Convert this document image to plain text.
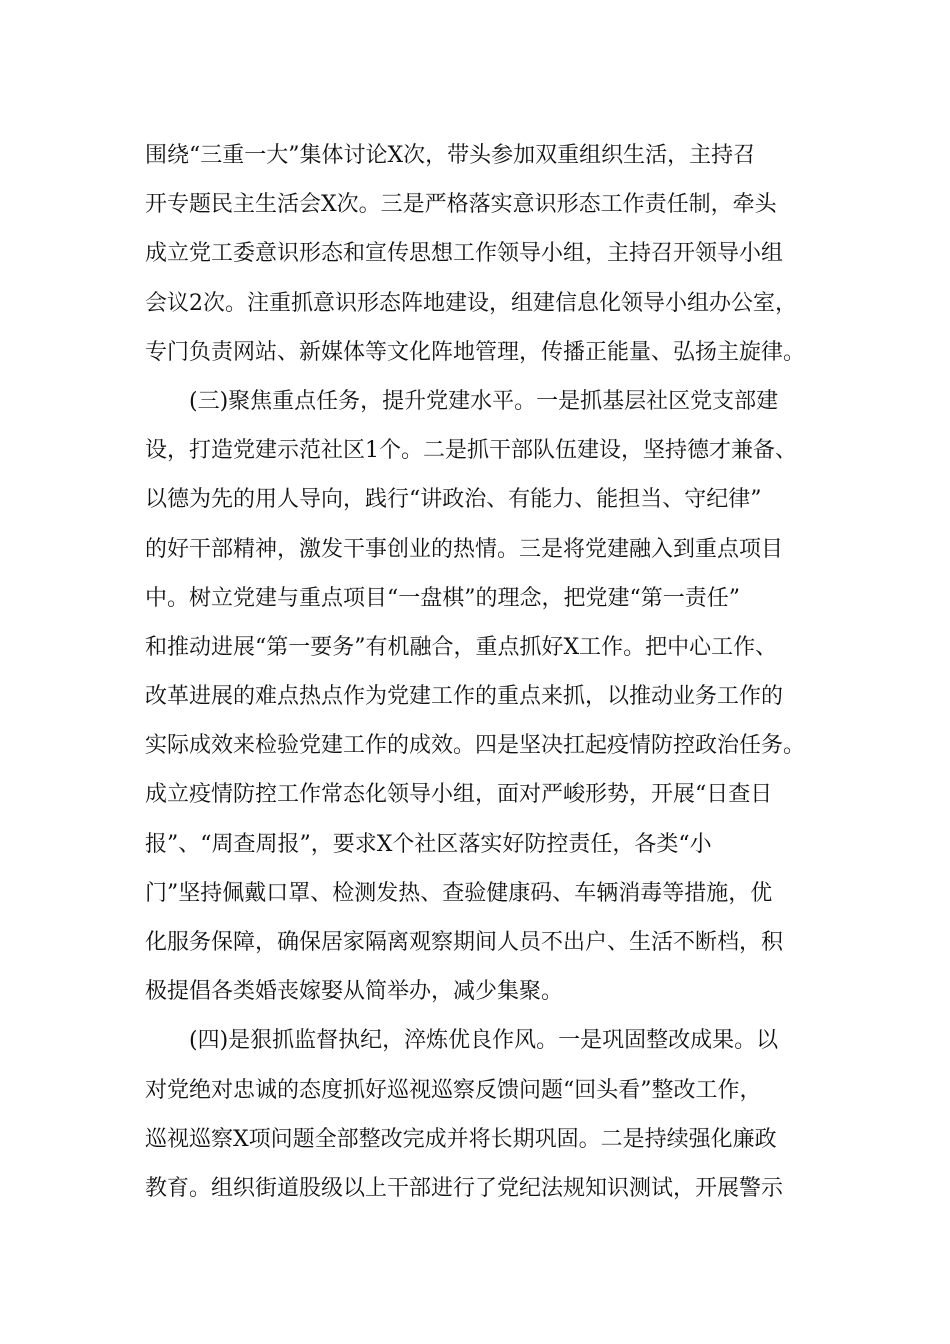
围绕“三重一大”集体讨论X次，带头参加双重组织生活，主持召
开专题民主生活会X次。三是严格落实意识形态工作责任制，牵头
成立党工委意识形态和宣传思想工作领导小组，主持召开领导小组
会议2次。注重抓意识形态阵地建设，组建信息化领导小组办公室，
专门负责网站、新媒体等文化阵地管理，传播正能量、弘扬主旋律。
(三)聚焦重点任务，提升党建水平。一是抓基层社区党支部建
设，打造党建示范社区1个。二是抓干部队伍建设，坚持德才兼备、
以德为先的用人导向，践行“讲政治、有能力、能担当、守纪律”
的好干部精神，激发干事创业的热情。三是将党建融入到重点项目
中。树立党建与重点项目“一盘棋”的理念，把党建“第一责任”
和推动进展“第一要务”有机融合，重点抓好X工作。把中心工作、
改革进展的难点热点作为党建工作的重点来抓，以推动业务工作的
实际成效来检验党建工作的成效。四是坚决扛起疫情防控政治任务。
成立疫情防控工作常态化领导小组，面对严峻形势，开展“日查日
报”、“周查周报”，要求X个社区落实好防控责任，各类“小
门”坚持佩戴口罩、检测发热、查验健康码、车辆消毒等措施，优
化服务保障，确保居家隔离观察期间人员不出户、生活不断档，积
极提倡各类婚丧嫁娶从简举办，减少集聚。
(四)是狠抓监督执纪，淬炼优良作风。一是巩固整改成果。以
对党绝对忠诚的态度抓好巡视巡察反馈问题“回头看”整改工作，
巡视巡察X项问题全部整改完成并将长期巩固。二是持续强化廉政
教育。组织街道股级以上干部进行了党纪法规知识测试，开展警示
